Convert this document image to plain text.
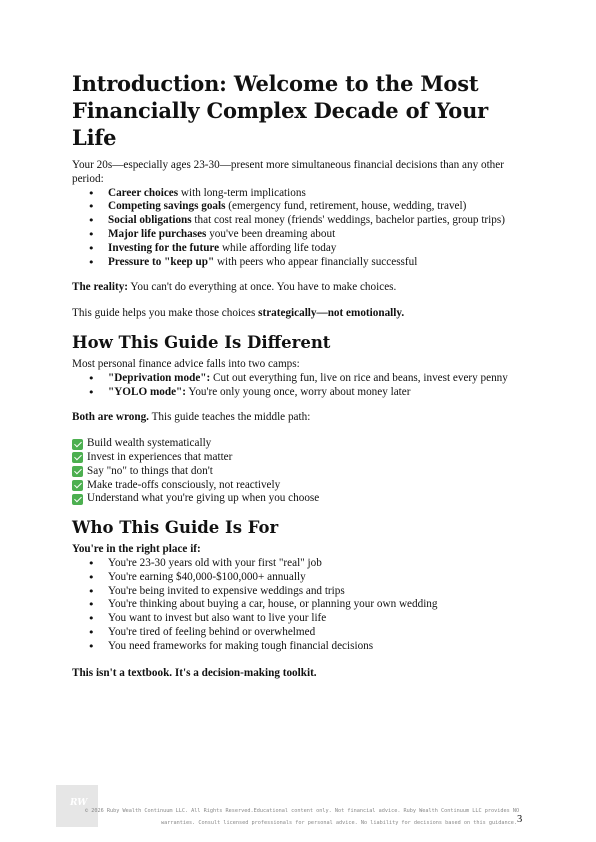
Introduction: Welcome to the Most Financially Complex Decade of Your Life

Your 20s—especially ages 23-30—present more simultaneous financial decisions than any other period:

• Career choices with long-term implications
• Competing savings goals (emergency fund, retirement, house, wedding, travel)
• Social obligations that cost real money (friends' weddings, bachelor parties, group trips)
• Major life purchases you've been dreaming about
• Investing for the future while affording life today
• Pressure to "keep up" with peers who appear financially successful

The reality: You can't do everything at once. You have to make choices.

This guide helps you make those choices strategically—not emotionally.

How This Guide Is Different

Most personal finance advice falls into two camps:

• "Deprivation mode": Cut out everything fun, live on rice and beans, invest every penny
• "YOLO mode": You're only young once, worry about money later

Both are wrong. This guide teaches the middle path:

Build wealth systematically
Invest in experiences that matter
Say "no" to things that don't
Make trade-offs consciously, not reactively
Understand what you're giving up when you choose
Who This Guide Is For

You're in the right place if:

• You're 23-30 years old with your first "real" job
• You're earning $40,000-$100,000+ annually
• You're being invited to expensive weddings and trips
• You're thinking about buying a car, house, or planning your own wedding
• You want to invest but also want to live your life
• You're tired of feeling behind or overwhelmed
• You need frameworks for making tough financial decisions

This isn't a textbook. It's a decision-making toolkit.

RW
© 2026 Ruby Wealth Continuum LLC. All Rights Reserved.Educational content only. Not financial advice. Ruby Wealth Continuum LLC provides NO
warranties. Consult licensed professionals for personal advice. No liability for decisions based on this guidance. 3
